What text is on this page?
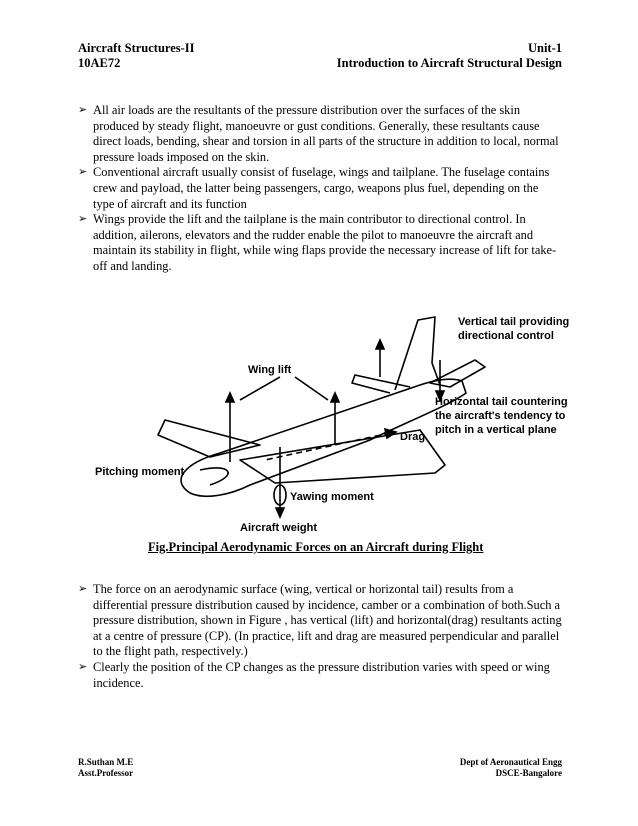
Aircraft Structures-II
10AE72
Unit-1
Introduction to Aircraft Structural Design
➢ All air loads are the resultants of the pressure distribution over the surfaces of the skin produced by steady flight, manoeuvre or gust conditions. Generally, these resultants cause direct loads, bending, shear and torsion in all parts of the structure in addition to local, normal pressure loads imposed on the skin.
➢ Conventional aircraft usually consist of fuselage, wings and tailplane. The fuselage contains crew and payload, the latter being passengers, cargo, weapons plus fuel, depending on the type of aircraft and its function
➢ Wings provide the lift and the tailplane is the main contributor to directional control. In addition, ailerons, elevators and the rudder enable the pilot to manoeuvre the aircraft and maintain its stability in flight, while wing flaps provide the necessary increase of lift for take-off and landing.
Vertical tail providing
directional control
Wing lift
Horizontal tail countering
the aircraft's tendency to
pitch in a vertical plane
Drag
Pitching moment
Yawing moment
Aircraft weight
Fig.Principal Aerodynamic Forces on an Aircraft during Flight
➢ The force on an aerodynamic surface (wing, vertical or horizontal tail) results from a differential pressure distribution caused by incidence, camber or a combination of both.Such a pressure distribution, shown in Figure , has vertical (lift) and horizontal(drag) resultants acting at a centre of pressure (CP). (In practice, lift and drag are measured perpendicular and parallel to the flight path, respectively.)
➢ Clearly the position of the CP changes as the pressure distribution varies with speed or wing incidence.
R.Suthan M.E
Asst.Professor
Dept of Aeronautical Engg
DSCE-Bangalore
